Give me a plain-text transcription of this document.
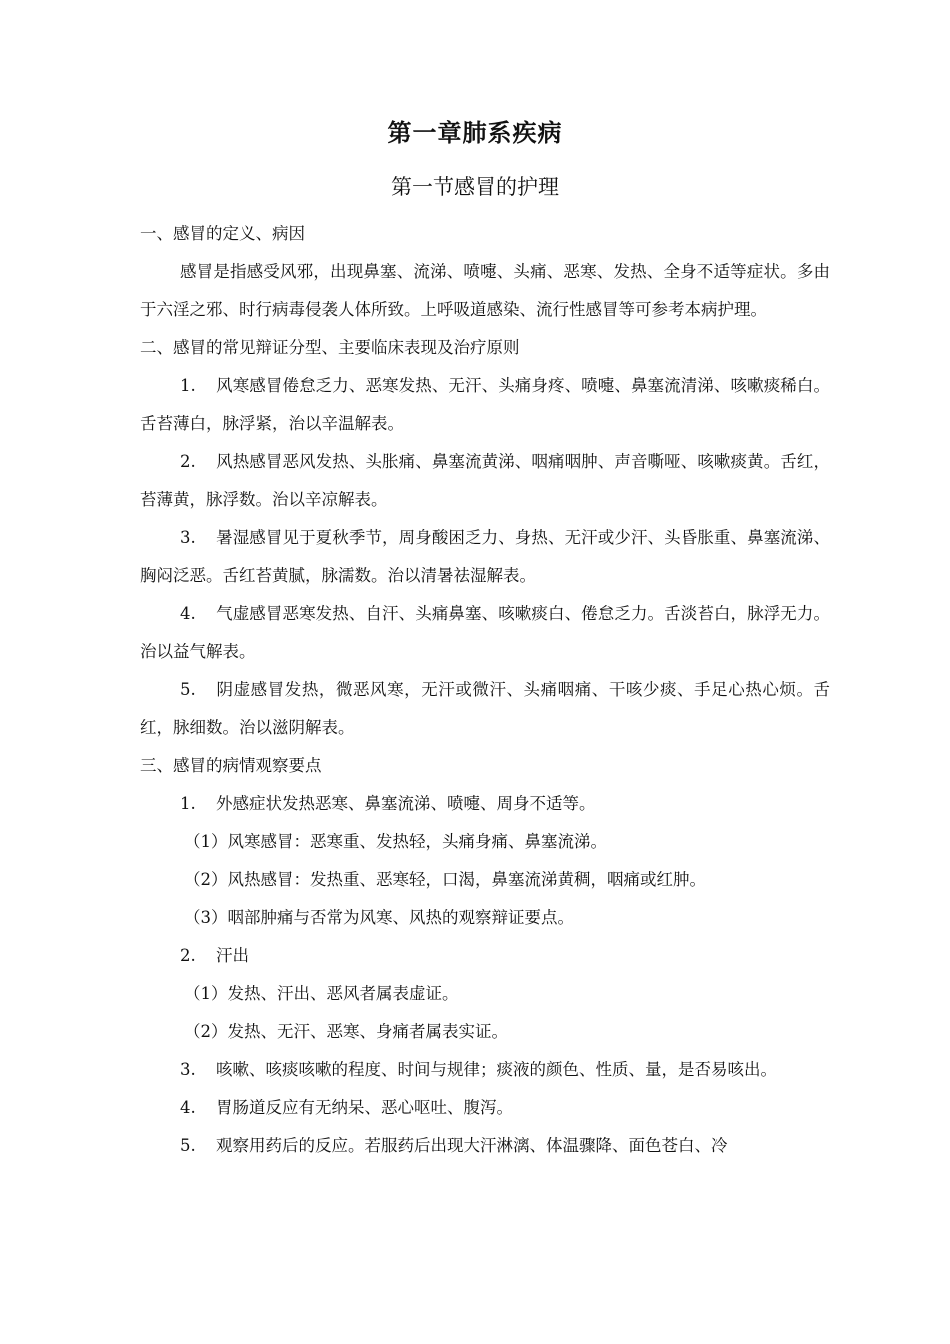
第一章肺系疾病
第一节感冒的护理

一、感冒的定义、病因

感冒是指感受风邪，出现鼻塞、流涕、喷嚏、头痛、恶寒、发热、全身不适等症状。多由于六淫之邪、时行病毒侵袭人体所致。上呼吸道感染、流行性感冒等可参考本病护理。

二、感冒的常见辩证分型、主要临床表现及治疗原则

1. 风寒感冒倦怠乏力、恶寒发热、无汗、头痛身疼、喷嚏、鼻塞流清涕、咳嗽痰稀白。舌苔薄白，脉浮紧，治以辛温解表。

2. 风热感冒恶风发热、头胀痛、鼻塞流黄涕、咽痛咽肿、声音嘶哑、咳嗽痰黄。舌红，苔薄黄，脉浮数。治以辛凉解表。

3. 暑湿感冒见于夏秋季节，周身酸困乏力、身热、无汗或少汗、头昏胀重、鼻塞流涕、胸闷泛恶。舌红苔黄腻，脉濡数。治以清暑祛湿解表。

4. 气虚感冒恶寒发热、自汗、头痛鼻塞、咳嗽痰白、倦怠乏力。舌淡苔白，脉浮无力。治以益气解表。

5. 阴虚感冒发热，微恶风寒，无汗或微汗、头痛咽痛、干咳少痰、手足心热心烦。舌红，脉细数。治以滋阴解表。

三、感冒的病情观察要点

1. 外感症状发热恶寒、鼻塞流涕、喷嚏、周身不适等。

（1）风寒感冒：恶寒重、发热轻，头痛身痛、鼻塞流涕。

（2）风热感冒：发热重、恶寒轻，口渴，鼻塞流涕黄稠，咽痛或红肿。

（3）咽部肿痛与否常为风寒、风热的观察辩证要点。

2. 汗出

（1）发热、汗出、恶风者属表虚证。

（2）发热、无汗、恶寒、身痛者属表实证。

3. 咳嗽、咳痰咳嗽的程度、时间与规律；痰液的颜色、性质、量，是否易咳出。

4. 胃肠道反应有无纳呆、恶心呕吐、腹泻。

5. 观察用药后的反应。若服药后出现大汗淋漓、体温骤降、面色苍白、冷
